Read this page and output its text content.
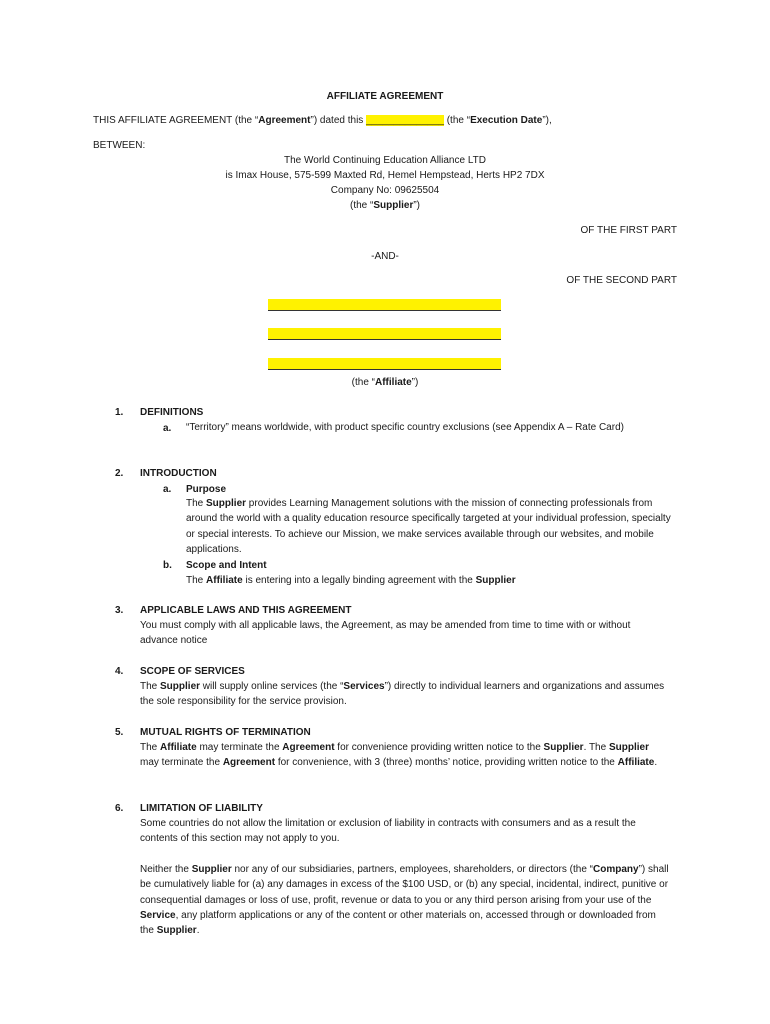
AFFILIATE AGREEMENT
THIS AFFILIATE AGREEMENT (the “Agreement”) dated this ______________ (the “Execution Date”),
BETWEEN:
The World Continuing Education Alliance LTD
is Imax House, 575-599 Maxted Rd, Hemel Hempstead, Herts HP2 7DX
Company No: 09625504
(the “Supplier”)
OF THE FIRST PART
-AND-
OF THE SECOND PART
(the “Affiliate”)
1. DEFINITIONS
a. “Territory” means worldwide, with product specific country exclusions (see Appendix A – Rate Card)
2. INTRODUCTION
a. Purpose
The Supplier provides Learning Management solutions with the mission of connecting professionals from around the world with a quality education resource specifically targeted at your individual profession, specialty or special interests. To achieve our Mission, we make services available through our websites, and mobile applications.
b. Scope and Intent
The Affiliate is entering into a legally binding agreement with the Supplier
3. APPLICABLE LAWS AND THIS AGREEMENT
You must comply with all applicable laws, the Agreement, as may be amended from time to time with or without advance notice
4. SCOPE OF SERVICES
The Supplier will supply online services (the “Services”) directly to individual learners and organizations and assumes the sole responsibility for the service provision.
5. MUTUAL RIGHTS OF TERMINATION
The Affiliate may terminate the Agreement for convenience providing written notice to the Supplier. The Supplier may terminate the Agreement for convenience, with 3 (three) months’ notice, providing written notice to the Affiliate.
6. LIMITATION OF LIABILITY
Some countries do not allow the limitation or exclusion of liability in contracts with consumers and as a result the contents of this section may not apply to you.
Neither the Supplier nor any of our subsidiaries, partners, employees, shareholders, or directors (the “Company”) shall be cumulatively liable for (a) any damages in excess of the $100 USD, or (b) any special, incidental, indirect, punitive or consequential damages or loss of use, profit, revenue or data to you or any third person arising from your use of the Service, any platform applications or any of the content or other materials on, accessed through or downloaded from the Supplier.
